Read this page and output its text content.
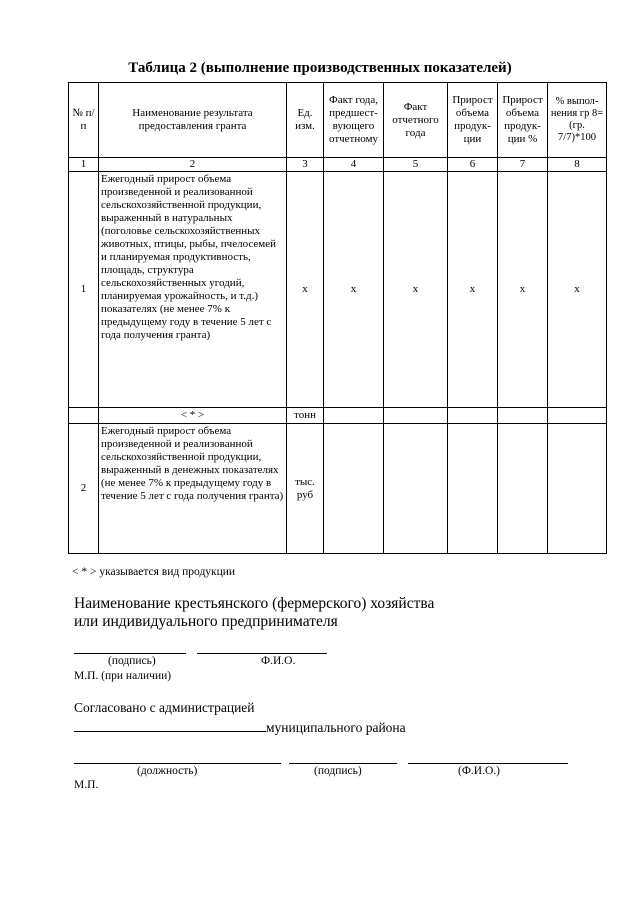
Таблица 2 (выполнение производственных показателей)
№ п/п	Наименование результата предоставления гранта	Ед. изм.	Факт года, предшест-вующего отчетному	Факт отчетного года	Прирост объема продук-ции	Прирост объема продук-ции %	% выпол-нения гр 8=(гр. 7/7)*100
1	2	3	4	5	6	7	8
1	Ежегодный прирост объема произведенной и реализованной сельскохозяйственной продукции, выраженный в натуральных (поголовье сельскохозяйственных животных, птицы, рыбы, пчелосемей и планируемая продуктивность, площадь, структура сельскохозяйственных угодий, планируемая урожайность, и т.д.) показателях (не менее 7% к предыдущему году в течение 5 лет с года получения гранта)	x	x	x	x	x	x
	< * >	тонн					
2	Ежегодный прирост объема произведенной и реализованной сельскохозяйственной продукции, выраженный в денежных показателях (не менее 7% к предыдущему году в течение 5 лет с года получения гранта)	тыс. руб					
< * > указывается вид продукции
Наименование крестьянского (фермерского) хозяйства
или индивидуального предпринимателя
(подпись)	Ф.И.О.
М.П. (при наличии)
Согласовано с администрацией
муниципального района
(должность)	(подпись)	(Ф.И.О.)
М.П.
